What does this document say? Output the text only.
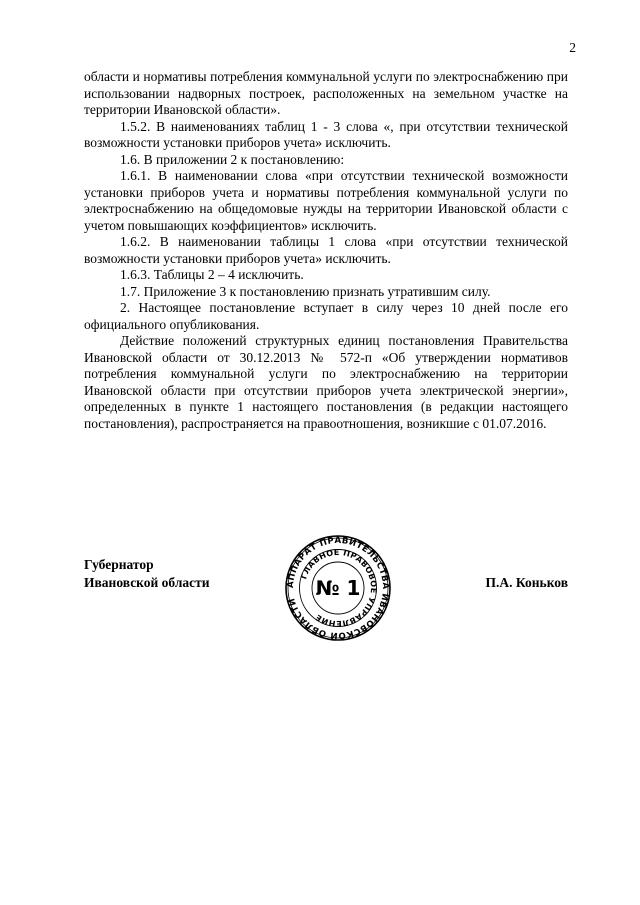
2

области и нормативы потребления коммунальной услуги по электроснабжению при использовании надворных построек, расположенных на земельном участке на территории Ивановской области».

1.5.2. В наименованиях таблиц 1 - 3 слова «, при отсутствии технической возможности установки приборов учета» исключить.

1.6. В приложении 2 к постановлению:

1.6.1. В наименовании слова «при отсутствии технической возможности установки приборов учета и нормативы потребления коммунальной услуги по электроснабжению на общедомовые нужды на территории Ивановской области с учетом повышающих коэффициентов» исключить.

1.6.2. В наименовании таблицы 1 слова «при отсутствии технической возможности установки приборов учета» исключить.

1.6.3. Таблицы 2 – 4 исключить.

1.7. Приложение 3 к постановлению признать утратившим силу.

2. Настоящее постановление вступает в силу через 10 дней после его официального опубликования.

Действие положений структурных единиц постановления Правительства Ивановской области от 30.12.2013 № 572-п «Об утверждении нормативов потребления коммунальной услуги по электроснабжению на территории Ивановской области при отсутствии приборов учета электрической энергии», определенных в пункте 1 настоящего постановления (в редакции настоящего постановления), распространяется на правоотношения, возникшие с 01.07.2016.

Губернатор
Ивановской области	П.А. Коньков
АППАРАТ ПРАВИТЕЛЬСТВА ИВАНОВСКОЙ ОБЛАСТИ
ГЛАВНОЕ ПРАВОВОЕ УПРАВЛЕНИЕ
№ 1
